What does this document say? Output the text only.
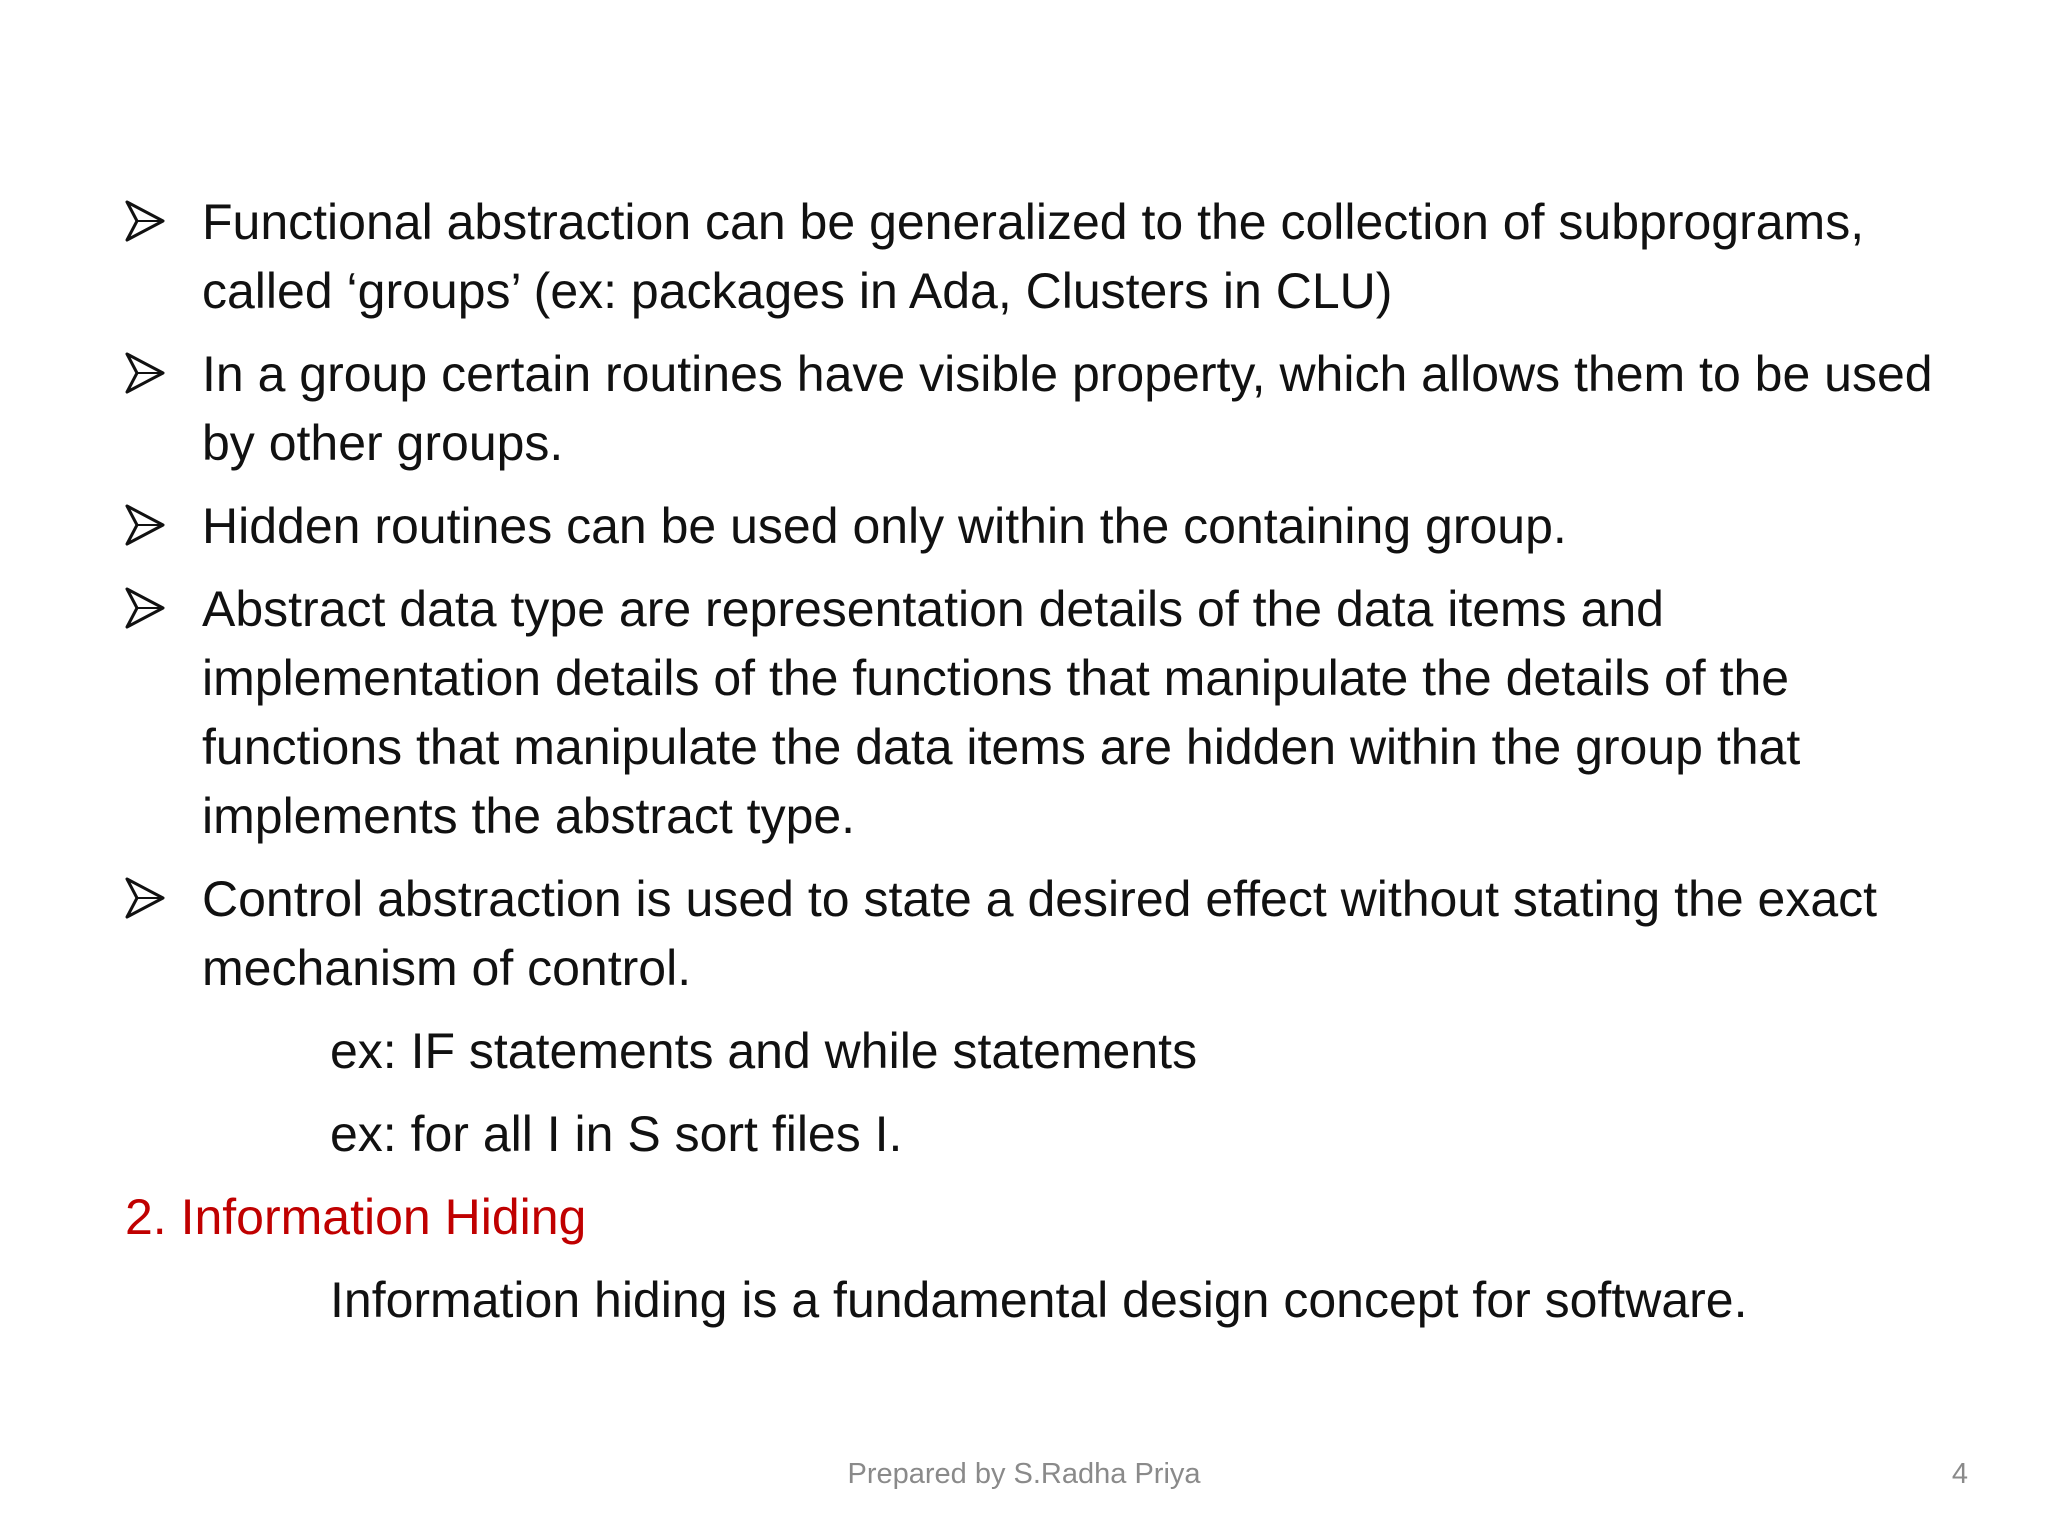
Functional abstraction can be generalized to the collection of subprograms, called ‘groups’ (ex: packages in Ada, Clusters in CLU)
In a group certain routines have visible property, which allows them to be used by other groups.
Hidden routines can be used only within the containing group.
Abstract data type are representation details of the data items and implementation details of the functions that manipulate the details of the functions that manipulate the data items are hidden within the group that implements the abstract type.
Control abstraction is used to state a desired effect without stating the exact mechanism of control.
ex: IF statements and while statements
ex: for all I in S sort files I.
2. Information Hiding
Information hiding is a fundamental design concept for software.
Prepared by S.Radha Priya	4
